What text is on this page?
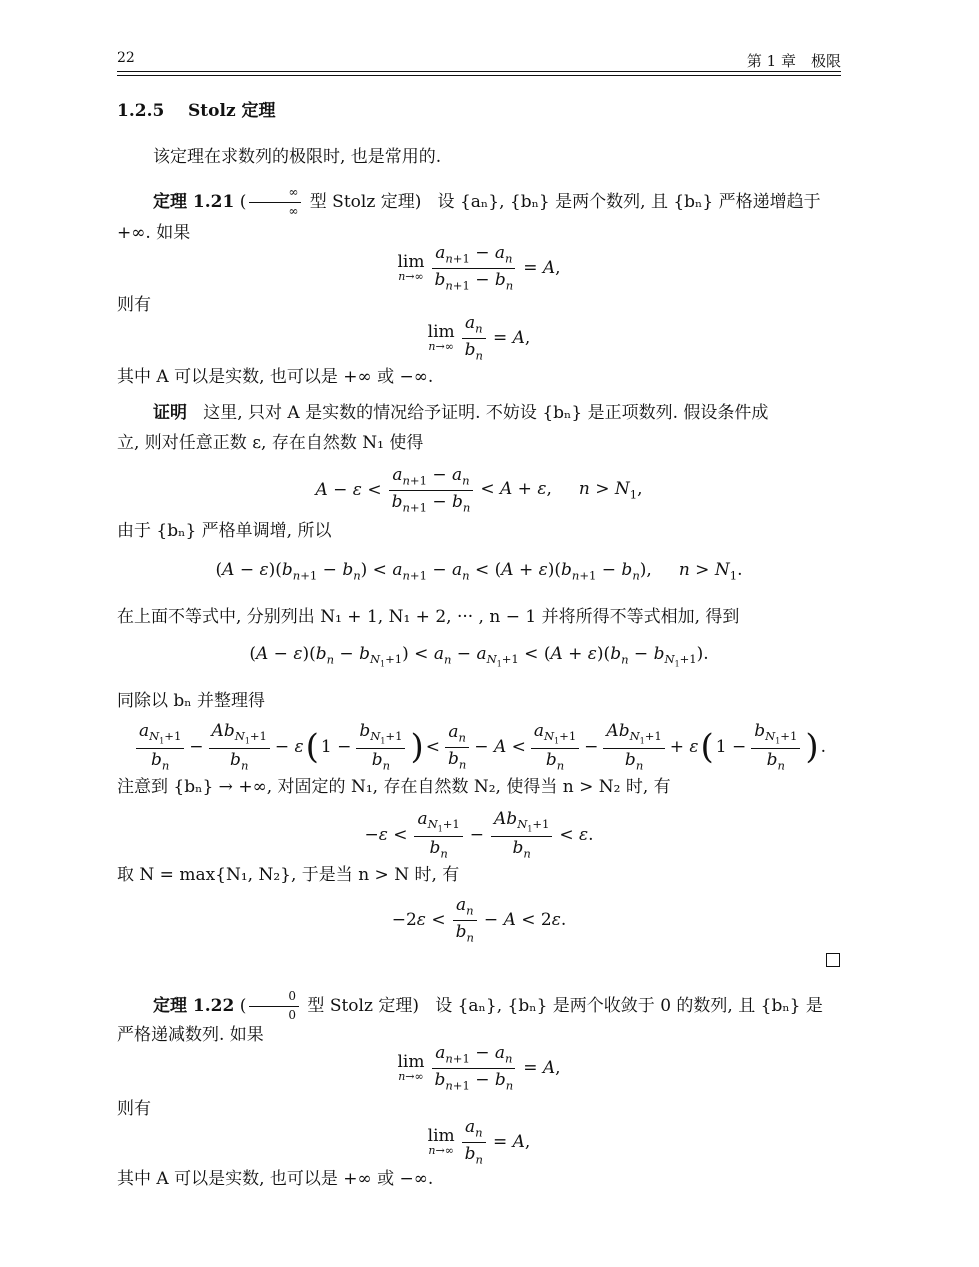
22	第 1 章　极限
1.2.5 Stolz 定理
该定理在求数列的极限时, 也是常用的.
定理 1.21 ( $\frac{\infty}{\infty}$ 型 Stolz 定理) 设 {aₙ}, {bₙ} 是两个数列, 且 {bₙ} 严格递增趋于
+∞. 如果
lim
$n\to\infty \frac{a_{n+1} - a_n}{b_{n+1} - b_n} = A$,
则有
lim
$n\to\infty \frac{a_n}{b_n} = A$,
其中 A 可以是实数, 也可以是 +∞ 或 −∞.
证明 这里, 只对 A 是实数的情况给予证明. 不妨设 {bₙ} 是正项数列. 假设条件成
立, 则对任意正数 ε, 存在自然数 N₁ 使得
$A - \varepsilon < \frac{a_{n+1} - a_n}{b_{n+1} - b_n} < A + \varepsilon$,     $n > N_1$,
由于 {bₙ} 严格单调增, 所以
$(A - \varepsilon)(b_{n+1} - b_n) < a_{n+1} - a_n < (A + \varepsilon)(b_{n+1} - b_n)$,     $n > N_1$.
在上面不等式中, 分别列出 N₁ + 1, N₁ + 2, ··· , n − 1 并将所得不等式相加, 得到
$(A - \varepsilon)(b_n - b_{N_1+1}) < a_n - a_{N_1+1} < (A + \varepsilon)(b_n - b_{N_1+1})$.
同除以 bₙ 并整理得
$\frac{a_{N_1+1}}{b_n} - \frac{Ab_{N_1+1}}{b_n} - \varepsilon$ ( $1 - \frac{b_{N_1+1}}{b_n}$ ) < $\frac{a_n}{b_n} - A < \frac{a_{N_1+1}}{b_n} - \frac{Ab_{N_1+1}}{b_n} + \varepsilon$ ( $1 - \frac{b_{N_1+1}}{b_n}$ ) .
注意到 {bₙ} → +∞, 对固定的 N₁, 存在自然数 N₂, 使得当 n > N₂ 时, 有
$-\varepsilon < \frac{a_{N_1+1}}{b_n} - \frac{Ab_{N_1+1}}{b_n} < \varepsilon$.
取 N = max{N₁, N₂}, 于是当 n > N 时, 有
$-2\varepsilon < \frac{a_n}{b_n} - A < 2\varepsilon$.
定理 1.22 ( $\frac{0}{0}$ 型 Stolz 定理) 设 {aₙ}, {bₙ} 是两个收敛于 0 的数列, 且 {bₙ} 是
严格递减数列. 如果
lim
$n\to\infty \frac{a_{n+1} - a_n}{b_{n+1} - b_n} = A$,
则有
lim
$n\to\infty \frac{a_n}{b_n} = A$,
其中 A 可以是实数, 也可以是 +∞ 或 −∞.
